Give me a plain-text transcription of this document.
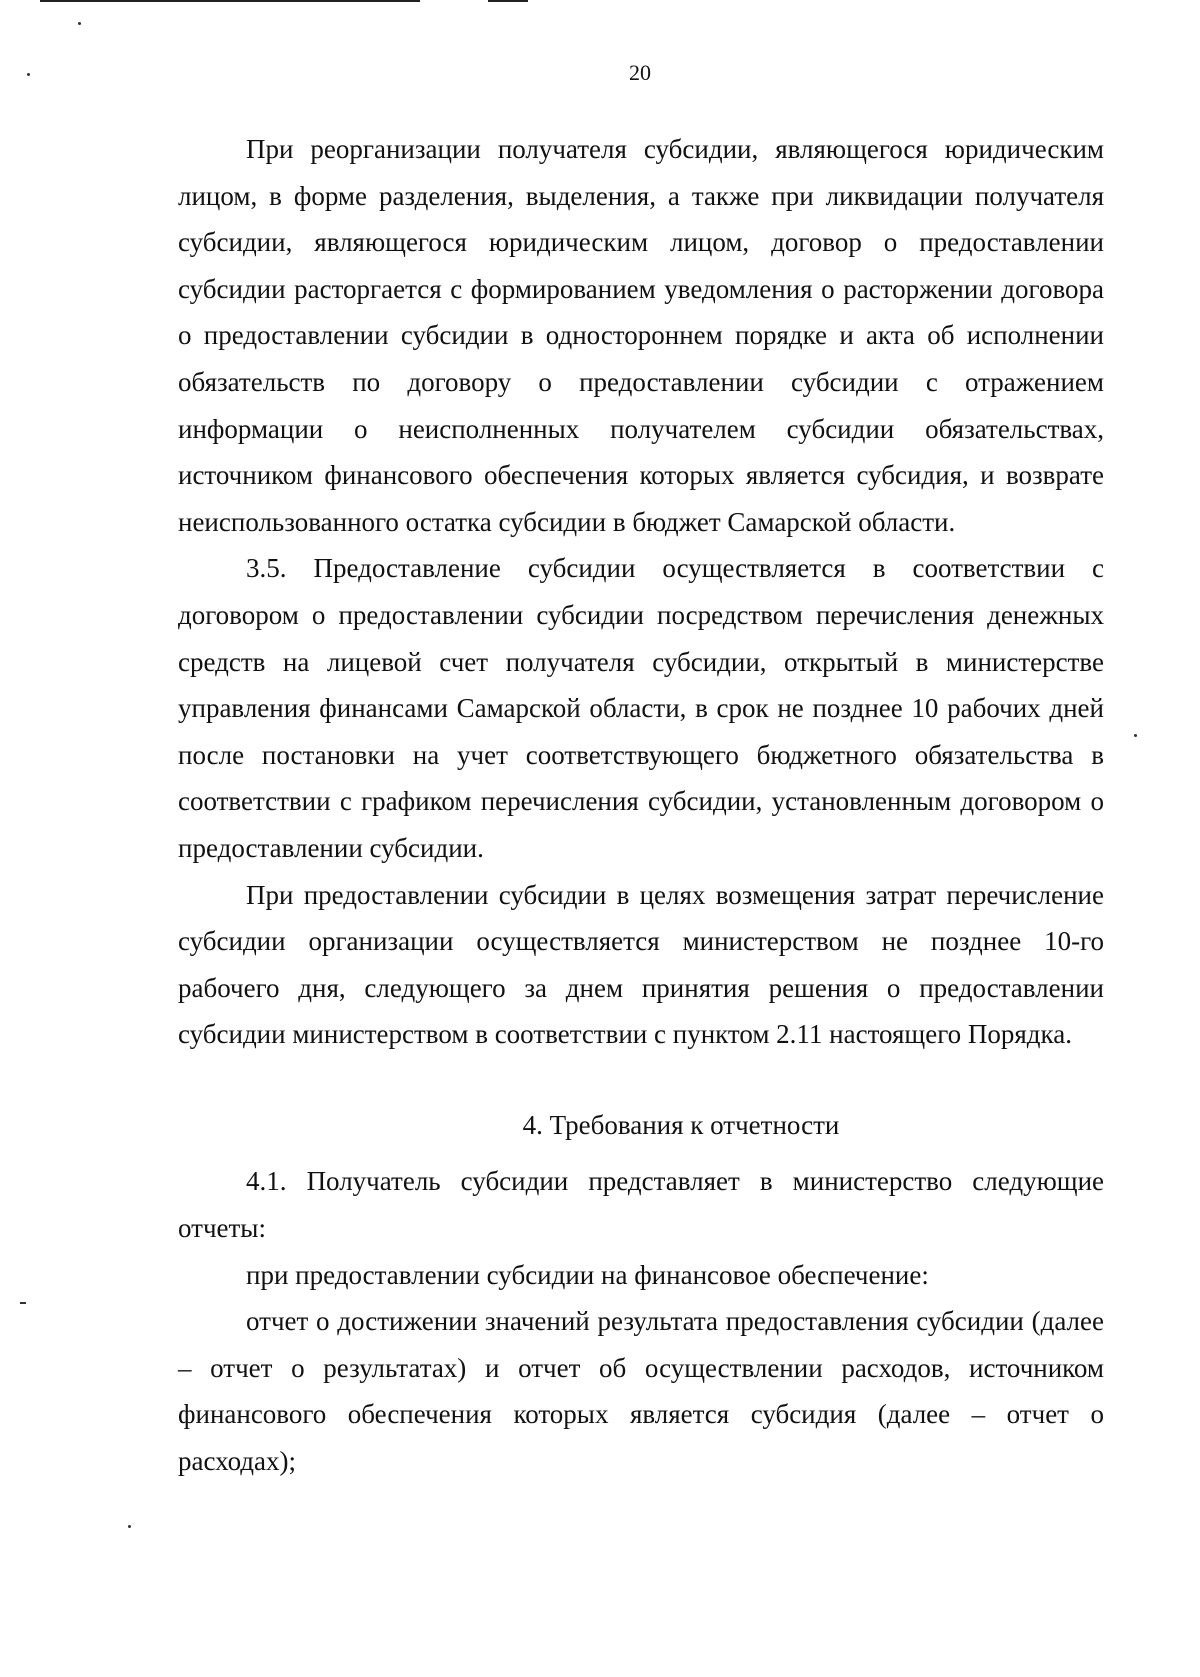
20

При реорганизации получателя субсидии, являющегося юридическим лицом, в форме разделения, выделения, а также при ликвидации получателя субсидии, являющегося юридическим лицом, договор о предоставлении субсидии расторгается с формированием уведомления о расторжении договора о предоставлении субсидии в одностороннем порядке и акта об исполнении обязательств по договору о предоставлении субсидии с отражением информации о неисполненных получателем субсидии обязательствах, источником финансового обеспечения которых является субсидия, и возврате неиспользованного остатка субсидии в бюджет Самарской области.

3.5. Предоставление субсидии осуществляется в соответствии с договором о предоставлении субсидии посредством перечисления денежных средств на лицевой счет получателя субсидии, открытый в министерстве управления финансами Самарской области, в срок не позднее 10 рабочих дней после постановки на учет соответствующего бюджетного обязательства в соответствии с графиком перечисления субсидии, установленным договором о предоставлении субсидии.

При предоставлении субсидии в целях возмещения затрат перечисление субсидии организации осуществляется министерством не позднее 10-го рабочего дня, следующего за днем принятия решения о предоставлении субсидии министерством в соответствии с пунктом 2.11 настоящего Порядка.

4. Требования к отчетности

4.1. Получатель субсидии представляет в министерство следующие отчеты:

при предоставлении субсидии на финансовое обеспечение:

отчет о достижении значений результата предоставления субсидии (далее – отчет о результатах) и отчет об осуществлении расходов, источником финансового обеспечения которых является субсидия (далее – отчет о расходах);
